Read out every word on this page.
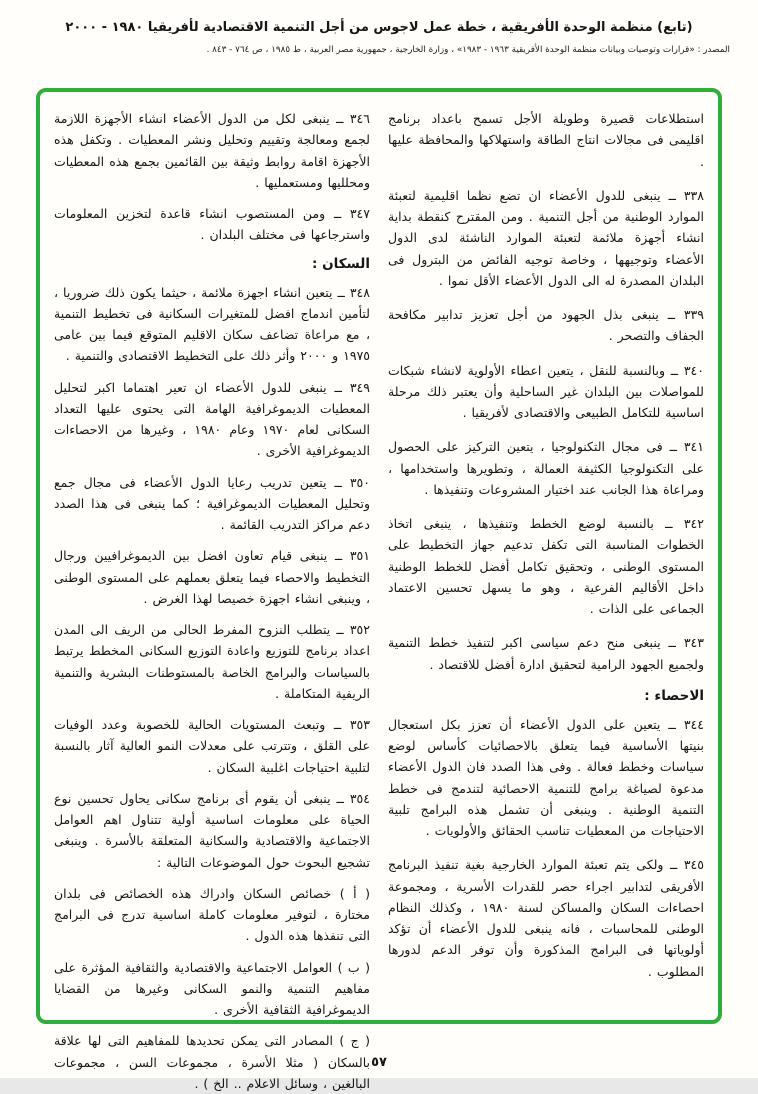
(تابع) منظمة الوحدة الأفريقية ، خطة عمل لاجوس من أجل التنمية الاقتصادية لأفريقيا ١٩٨٠ - ٢٠٠٠
المصدر : «قرارات وتوصيات وبيانات منظمة الوحدة الأفريقية ١٩٦٣ - ١٩٨٣» ، وزارة الخارجية ، جمهورية مصر العربية ، ط ١٩٨٥ ، ص ٧٦٤ - ٨٤٣ .
استطلاعات قصيرة وطويلة الأجل تسمح باعداد برنامج اقليمى فى مجالات انتاج الطاقة واستهلاكها والمحافظة عليها .
٣٣٨ ــ ينبغى للدول الأعضاء ان تضع نظما اقليمية لتعبئة الموارد الوطنية من أجل التنمية . ومن المقترح كنقطة بداية انشاء أجهزة ملائمة لتعبئة الموارد الناشئة لدى الدول الأعضاء وتوجيهها ، وخاصة توجيه الفائض من البترول فى البلدان المصدرة له الى الدول الأعضاء الأقل نموا .
٣٣٩ ــ ينبغى بذل الجهود من أجل تعزيز تدابير مكافحة الجفاف والتصحر .
٣٤٠ ــ وبالنسبة للنقل ، يتعين اعطاء الأولوية لانشاء شبكات للمواصلات بين البلدان غير الساحلية وأن يعتبر ذلك مرحلة اساسية للتكامل الطبيعى والاقتصادى لأفريقيا .
٣٤١ ــ فى مجال التكنولوجيا ، يتعين التركيز على الحصول على التكنولوجيا الكثيفة العمالة ، وتطويرها واستخدامها ، ومراعاة هذا الجانب عند اختيار المشروعات وتنفيذها .
٣٤٢ ــ بالنسبة لوضع الخطط وتنفيذها ، ينبغى اتخاذ الخطوات المناسبة التى تكفل تدعيم جهاز التخطيط على المستوى الوطنى ، وتحقيق تكامل أفضل للخطط الوطنية داخل الأقاليم الفرعية ، وهو ما يسهل تحسين الاعتماد الجماعى على الذات .
٣٤٣ ــ ينبغى منح دعم سياسى اكبر لتنفيذ خطط التنمية ولجميع الجهود الرامية لتحقيق ادارة أفضل للاقتصاد .
الاحصاء :
٣٤٤ ــ يتعين على الدول الأعضاء أن تعزز بكل استعجال بنيتها الأساسية فيما يتعلق بالاحصائيات كأساس لوضع سياسات وخطط فعالة . وفى هذا الصدد فان الدول الأعضاء مدعوة لصياغة برامج للتنمية الاحصائية لتندمج فى خطط التنمية الوطنية . وينبغى أن تشمل هذه البرامج تلبية الاحتياجات من المعطيات تناسب الحقائق والأولويات .
٣٤٥ ــ ولكى يتم تعبئة الموارد الخارجية بغية تنفيذ البرنامج الأفريقى لتدابير اجراء حصر للقدرات الأسرية ، ومجموعة احصاءات السكان والمساكن لسنة ١٩٨٠ ، وكذلك النظام الوطنى للمحاسبات ، فانه ينبغى للدول الأعضاء أن تؤكد أولوياتها فى البرامج المذكورة وأن توفر الدعم لدورها المطلوب .
٣٤٦ ــ ينبغى لكل من الدول الأعضاء انشاء الأجهزة اللازمة لجمع ومعالجة وتقييم وتحليل ونشر المعطيات . وتكفل هذه الأجهزة اقامة روابط وثيقة بين القائمين بجمع هذه المعطيات ومحلليها ومستعمليها .
٣٤٧ ــ ومن المستصوب انشاء قاعدة لتخزين المعلومات واسترجاعها فى مختلف البلدان .
السكان :
٣٤٨ ــ يتعين انشاء اجهزة ملائمة ، حيثما يكون ذلك ضروريا ، لتأمين اندماج افضل للمتغيرات السكانية فى تخطيط التنمية ، مع مراعاة تضاعف سكان الاقليم المتوقع فيما بين عامى ١٩٧٥ و ٢٠٠٠ وأثر ذلك على التخطيط الاقتصادى والتنمية .
٣٤٩ ــ ينبغى للدول الأعضاء ان تعير اهتماما اكبر لتحليل المعطيات الديموغرافية الهامة التى يحتوى عليها التعداد السكانى لعام ١٩٧٠ وعام ١٩٨٠ ، وغيرها من الاحصاءات الديموغرافية الأخرى .
٣٥٠ ــ يتعين تدريب رعايا الدول الأعضاء فى مجال جمع وتحليل المعطيات الديموغرافية ؛ كما ينبغى فى هذا الصدد دعم مراكز التدريب القائمة .
٣٥١ ــ ينبغى قيام تعاون افضل بين الديموغرافيين ورجال التخطيط والاحصاء فيما يتعلق بعملهم على المستوى الوطنى ، وينبغى انشاء اجهزة خصيصا لهذا الغرض .
٣٥٢ ــ يتطلب النزوح المفرط الحالى من الريف الى المدن اعداد برنامج للتوزيع واعادة التوزيع السكانى المخطط يرتبط بالسياسات والبرامج الخاصة بالمستوطنات البشرية والتنمية الريفية المتكاملة .
٣٥٣ ــ وتبعث المستويات الحالية للخصوبة وعدد الوفيات على القلق ، وتترتب على معدلات النمو العالية آثار بالنسبة لتلبية احتياجات اغلبية السكان .
٣٥٤ ــ ينبغى أن يقوم أى برنامج سكانى يحاول تحسين نوع الحياة على معلومات اساسية أولية تتناول اهم العوامل الاجتماعية والاقتصادية والسكانية المتعلقة بالأسرة . وينبغى تشجيع البحوث حول الموضوعات التالية :
( أ ) خصائص السكان وادراك هذه الخصائص فى بلدان مختارة ، لتوفير معلومات كاملة اساسية تدرج فى البرامج التى تنفذها هذه الدول .
( ب ) العوامل الاجتماعية والاقتصادية والثقافية المؤثرة على مفاهيم التنمية والنمو السكانى وغيرها من القضايا الديموغرافية الثقافية الأخرى .
( ج ) المصادر التى يمكن تحديدها للمفاهيم التى لها علاقة بالسكان ( مثلا الأسرة ، مجموعات السن ، مجموعات البالغين ، وسائل الاعلام .. الخ ) .
٥٧
